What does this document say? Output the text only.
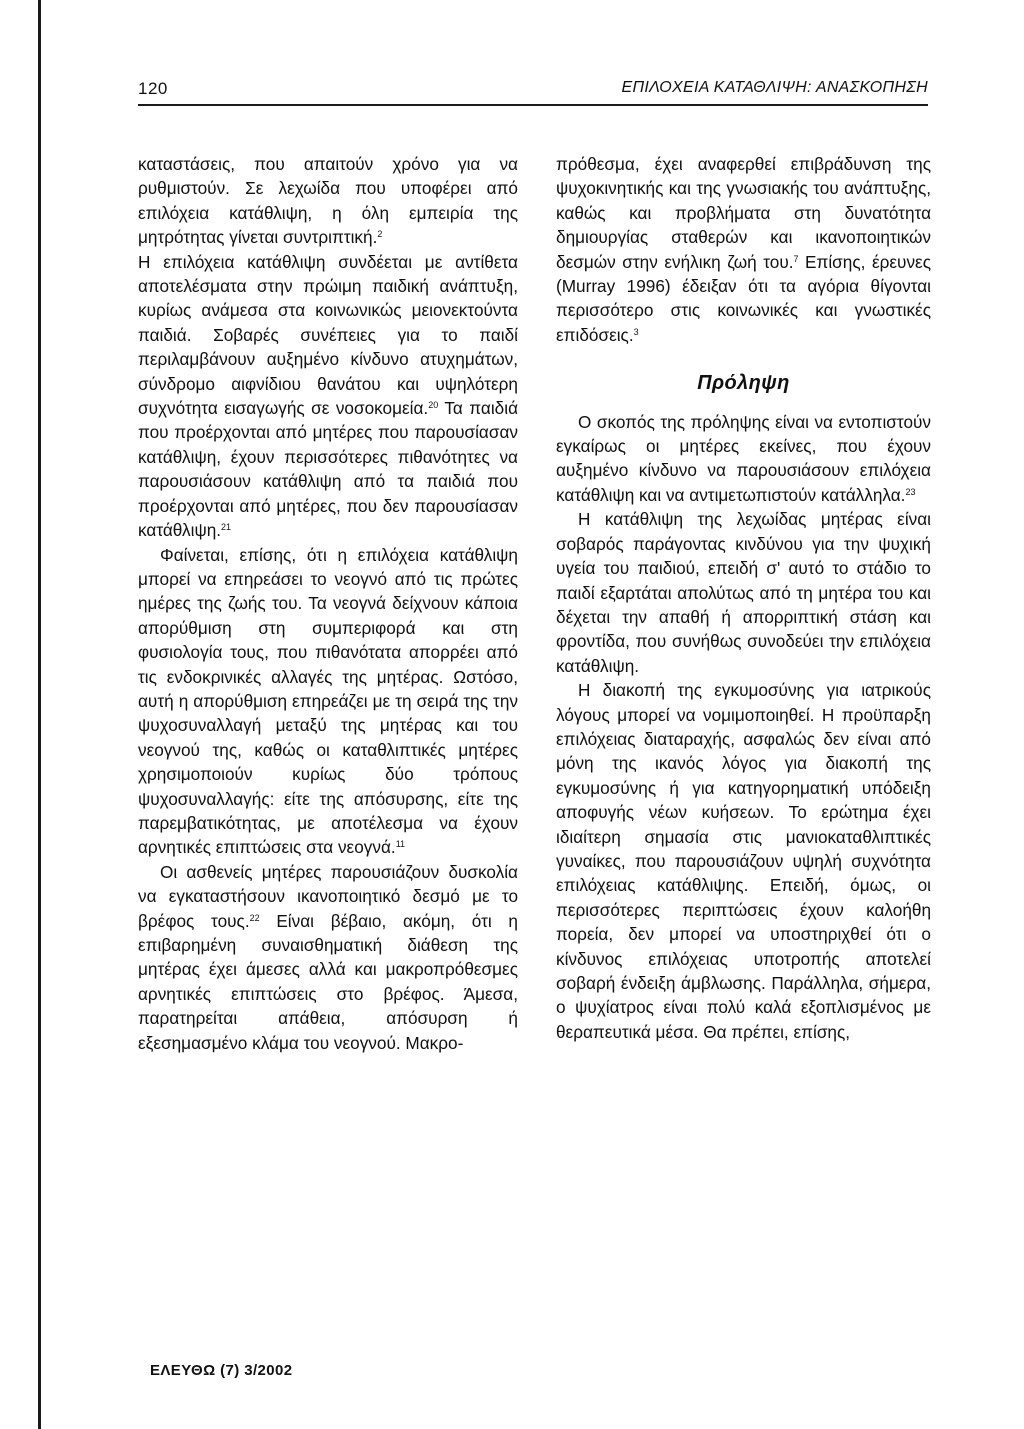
120	ΕΠΙΛΟΧΕΙΑ ΚΑΤΑΘΛΙΨΗ: ΑΝΑΣΚΟΠΗΣΗ

καταστάσεις, που απαιτούν χρόνο για να ρυθμιστούν. Σε λεχωίδα που υποφέρει από επιλόχεια κατάθλιψη, η όλη εμπειρία της μητρότητας γίνεται συντριπτική.$^2$

Η επιλόχεια κατάθλιψη συνδέεται με αντίθετα αποτελέσματα στην πρώιμη παιδική ανάπτυξη, κυρίως ανάμεσα στα κοινωνικώς μειονεκτούντα παιδιά. Σοβαρές συνέπειες για το παιδί περιλαμβάνουν αυξημένο κίνδυνο ατυχημάτων, σύνδρομο αιφνίδιου θανάτου και υψηλότερη συχνότητα εισαγωγής σε νοσοκομεία.$^{20}$ Τα παιδιά που προέρχονται από μητέρες που παρουσίασαν κατάθλιψη, έχουν περισσότερες πιθανότητες να παρουσιάσουν κατάθλιψη από τα παιδιά που προέρχονται από μητέρες, που δεν παρουσίασαν κατάθλιψη.$^{21}$

Φαίνεται, επίσης, ότι η επιλόχεια κατάθλιψη μπορεί να επηρεάσει το νεογνό από τις πρώτες ημέρες της ζωής του. Τα νεογνά δείχνουν κάποια απορύθμιση στη συμπεριφορά και στη φυσιολογία τους, που πιθανότατα απορρέει από τις ενδοκρινικές αλλαγές της μητέρας. Ωστόσο, αυτή η απορύθμιση επηρεάζει με τη σειρά της την ψυχοσυναλλαγή μεταξύ της μητέρας και του νεογνού της, καθώς οι καταθλιπτικές μητέρες χρησιμοποιούν κυρίως δύο τρόπους ψυχοσυναλλαγής: είτε της απόσυρσης, είτε της παρεμβατικότητας, με αποτέλεσμα να έχουν αρνητικές επιπτώσεις στα νεογνά.$^{11}$

Οι ασθενείς μητέρες παρουσιάζουν δυσκολία να εγκαταστήσουν ικανοποιητικό δεσμό με το βρέφος τους.$^{22}$ Είναι βέβαιο, ακόμη, ότι η επιβαρημένη συναισθηματική διάθεση της μητέρας έχει άμεσες αλλά και μακροπρόθεσμες αρνητικές επιπτώσεις στο βρέφος. Άμεσα, παρατηρείται απάθεια, απόσυρση ή εξεσημασμένο κλάμα του νεογνού. Μακρο-

πρόθεσμα, έχει αναφερθεί επιβράδυνση της ψυχοκινητικής και της γνωσιακής του ανάπτυξης, καθώς και προβλήματα στη δυνατότητα δημιουργίας σταθερών και ικανοποιητικών δεσμών στην ενήλικη ζωή του.$^7$ Επίσης, έρευνες (Murray 1996) έδειξαν ότι τα αγόρια θίγονται περισσότερο στις κοινωνικές και γνωστικές επιδόσεις.$^3$

Πρόληψη

Ο σκοπός της πρόληψης είναι να εντοπιστούν εγκαίρως οι μητέρες εκείνες, που έχουν αυξημένο κίνδυνο να παρουσιάσουν επιλόχεια κατάθλιψη και να αντιμετωπιστούν κατάλληλα.$^{23}$

Η κατάθλιψη της λεχωίδας μητέρας είναι σοβαρός παράγοντας κινδύνου για την ψυχική υγεία του παιδιού, επειδή σ' αυτό το στάδιο το παιδί εξαρτάται απολύτως από τη μητέρα του και δέχεται την απαθή ή απορριπτική στάση και φροντίδα, που συνήθως συνοδεύει την επιλόχεια κατάθλιψη.

Η διακοπή της εγκυμοσύνης για ιατρικούς λόγους μπορεί να νομιμοποιηθεί. Η προϋπαρξη επιλόχειας διαταραχής, ασφαλώς δεν είναι από μόνη της ικανός λόγος για διακοπή της εγκυμοσύνης ή για κατηγορηματική υπόδειξη αποφυγής νέων κυήσεων. Το ερώτημα έχει ιδιαίτερη σημασία στις μανιοκαταθλιπτικές γυναίκες, που παρουσιάζουν υψηλή συχνότητα επιλόχειας κατάθλιψης. Επειδή, όμως, οι περισσότερες περιπτώσεις έχουν καλοήθη πορεία, δεν μπορεί να υποστηριχθεί ότι ο κίνδυνος επιλόχειας υποτροπής αποτελεί σοβαρή ένδειξη άμβλωσης. Παράλληλα, σήμερα, ο ψυχίατρος είναι πολύ καλά εξοπλισμένος με θεραπευτικά μέσα. Θα πρέπει, επίσης,

ΕΛΕΥΘΩ (7) 3/2002
